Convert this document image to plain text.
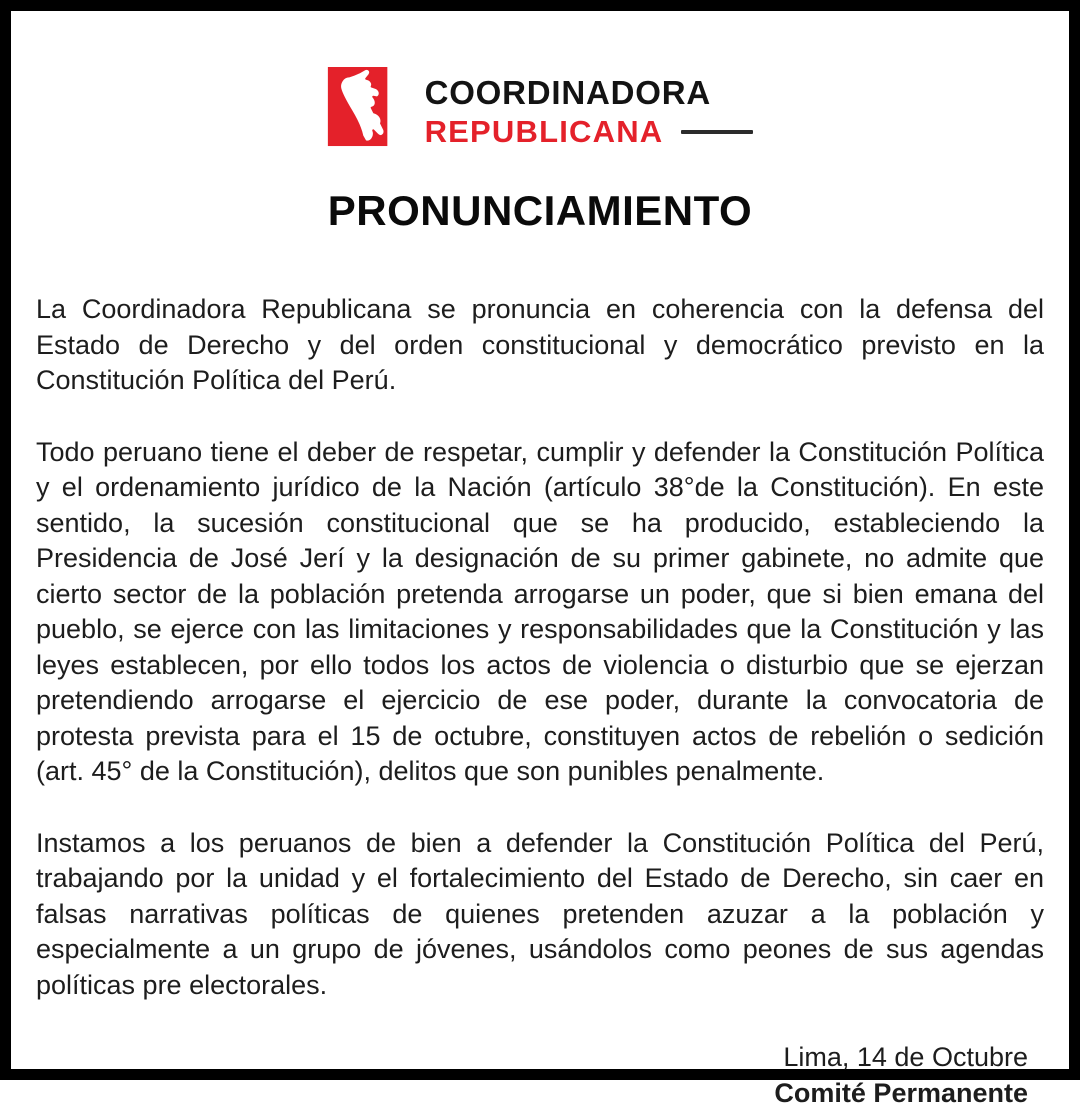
COORDINADORA
REPUBLICANA
PRONUNCIAMIENTO

La Coordinadora Republicana se pronuncia en coherencia con la defensa del Estado de Derecho y del orden constitucional y democrático previsto en la Constitución Política del Perú.

Todo peruano tiene el deber de respetar, cumplir y defender la Constitución Política y el ordenamiento jurídico de la Nación (artículo 38°de la Constitución). En este sentido, la sucesión constitucional que se ha producido, estableciendo la Presidencia de José Jerí y la designación de su primer gabinete, no admite que cierto sector de la población pretenda arrogarse un poder, que si bien emana del pueblo, se ejerce con las limitaciones y responsabilidades que la Constitución y las leyes establecen, por ello todos los actos de violencia o disturbio que se ejerzan pretendiendo arrogarse el ejercicio de ese poder, durante la convocatoria de protesta prevista para el 15 de octubre, constituyen actos de rebelión o sedición (art. 45° de la Constitución), delitos que son punibles penalmente.

Instamos a los peruanos de bien a defender la Constitución Política del Perú, trabajando por la unidad y el fortalecimiento del Estado de Derecho, sin caer en falsas narrativas políticas de quienes pretenden azuzar a la población y especialmente a un grupo de jóvenes, usándolos como peones de sus agendas políticas pre electorales.

Lima, 14 de Octubre
Comité Permanente
